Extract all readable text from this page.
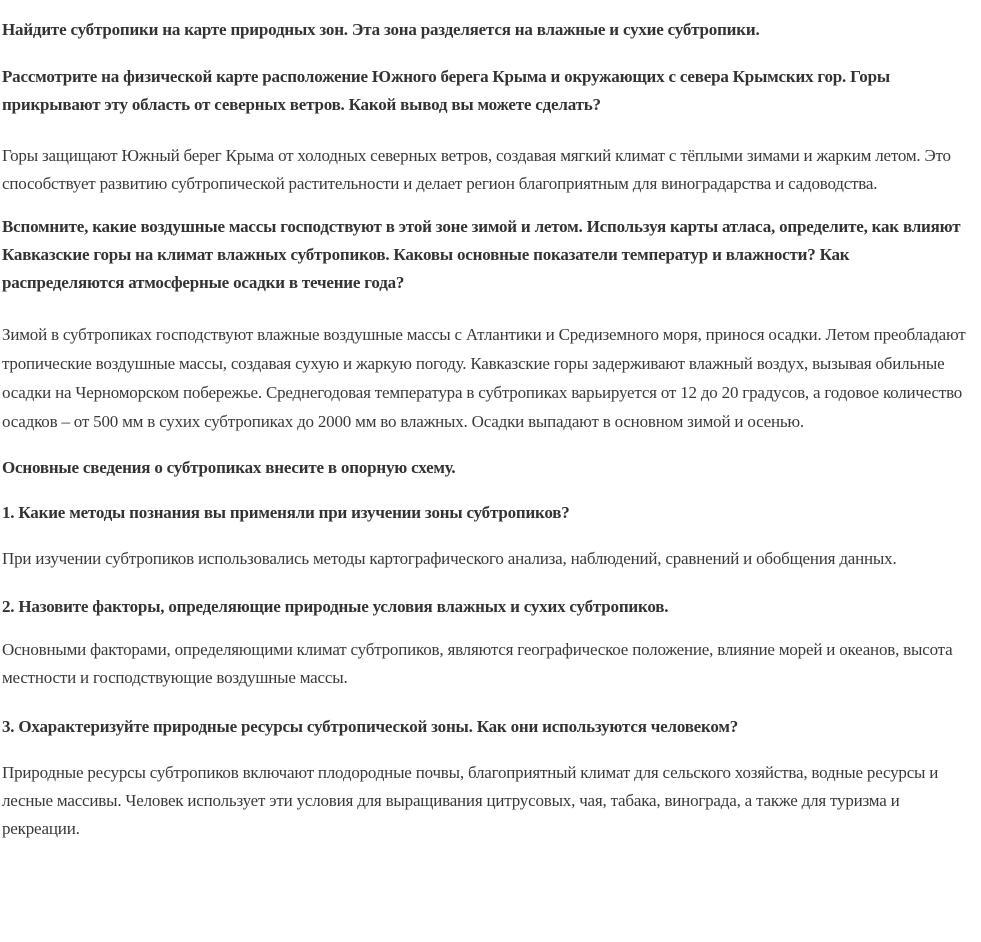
Найдите субтропики на карте природных зон. Эта зона разделяется на влажные и сухие субтропики.

Рассмотрите на физической карте расположение Южного берега Крыма и окружающих с севера Крымских гор. Горы прикрывают эту область от северных ветров. Какой вывод вы можете сделать?

Горы защищают Южный берег Крыма от холодных северных ветров, создавая мягкий климат с тёплыми зимами и жарким летом. Это способствует развитию субтропической растительности и делает регион благоприятным для виноградарства и садоводства.

Вспомните, какие воздушные массы господствуют в этой зоне зимой и летом. Используя карты атласа, определите, как влияют Кавказские горы на климат влажных субтропиков. Каковы основные показатели температур и влажности? Как распределяются атмосферные осадки в течение года?

Зимой в субтропиках господствуют влажные воздушные массы с Атлантики и Средиземного моря, принося осадки. Летом преобладают тропические воздушные массы, создавая сухую и жаркую погоду. Кавказские горы задерживают влажный воздух, вызывая обильные осадки на Черноморском побережье. Среднегодовая температура в субтропиках варьируется от 12 до 20 градусов, а годовое количество осадков – от 500 мм в сухих субтропиках до 2000 мм во влажных. Осадки выпадают в основном зимой и осенью.

Основные сведения о субтропиках внесите в опорную схему.

1. Какие методы познания вы применяли при изучении зоны субтропиков?

При изучении субтропиков использовались методы картографического анализа, наблюдений, сравнений и обобщения данных.

2. Назовите факторы, определяющие природные условия влажных и сухих субтропиков.

Основными факторами, определяющими климат субтропиков, являются географическое положение, влияние морей и океанов, высота местности и господствующие воздушные массы.

3. Охарактеризуйте природные ресурсы субтропической зоны. Как они используются человеком?

Природные ресурсы субтропиков включают плодородные почвы, благоприятный климат для сельского хозяйства, водные ресурсы и лесные массивы. Человек использует эти условия для выращивания цитрусовых, чая, табака, винограда, а также для туризма и рекреации.
